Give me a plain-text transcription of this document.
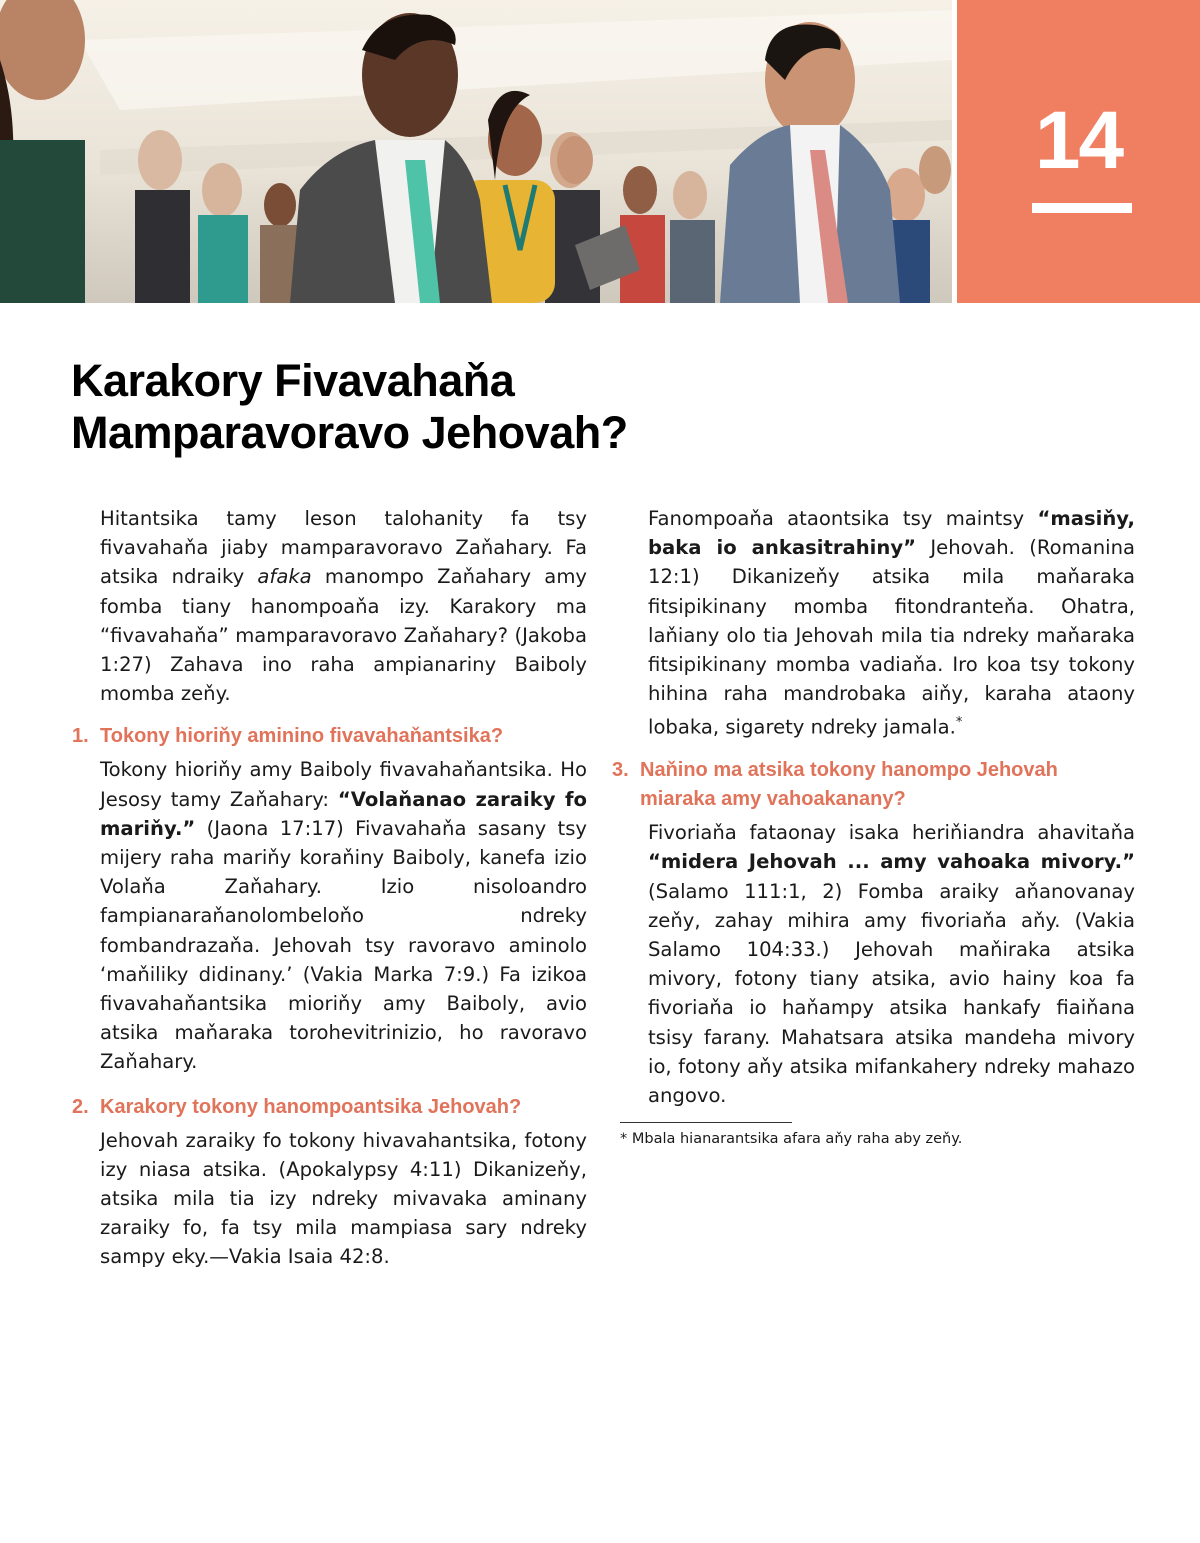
14
Karakory Fivavahaňa
Mamparavoravo Jehovah?

Hitantsika tamy leson talohanity fa tsy fivavahaňa jiaby mamparavoravo Zaňahary. Fa atsika ndraiky afaka manompo Zaňahary amy fomba tiany hanompoaňa izy. Karakory ma “fivavahaňa” mamparavoravo Zaňahary? (Jakoba 1:27) Zahava ino raha ampianariny Baiboly momba zeňy.

1. Tokony hioriňy aminino fivavahaňantsika?

Tokony hioriňy amy Baiboly fivavahaňantsika. Ho Jesosy tamy Zaňahary: “Volaňanao zaraiky fo mariňy.” (Jaona 17:17) Fivavahaňa sasany tsy mijery raha mariňy koraňiny Baiboly, kanefa izio Volaňa Zaňahary. Izio nisoloandro fampianaraňanolombeloňo ndreky fombandrazaňa. Jehovah tsy ravoravo aminolo ‘maňiliky didinany.’ (Vakia Marka 7:9.) Fa izikoa fivavahaňantsika mioriňy amy Baiboly, avio atsika maňaraka torohevitrinizio, ho ravoravo Zaňahary.

2. Karakory tokony hanompoantsika Jehovah?

Jehovah zaraiky fo tokony hivavahantsika, fotony izy niasa atsika. (Apokalypsy 4:11) Dikanizeňy, atsika mila tia izy ndreky mivavaka aminany zaraiky fo, fa tsy mila mampiasa sary ndreky sampy eky.—Vakia Isaia 42:8.

Fanompoaňa ataontsika tsy maintsy “masiňy, baka io ankasitrahiny” Jehovah. (Romanina 12:1) Dikanizeňy atsika mila maňaraka fitsipikinany momba fitondranteňa. Ohatra, laňiany olo tia Jehovah mila tia ndreky maňaraka fitsipikinany momba vadiaňa. Iro koa tsy tokony hihina raha mandrobaka aiňy, karaha ataony lobaka, sigarety ndreky jamala.*

3. Naňino ma atsika tokony hanompo Jehovah miaraka amy vahoakanany?

Fivoriaňa fataonay isaka heriňiandra ahavitaňa “midera Jehovah ... amy vahoaka mivory.” (Salamo 111:1, 2) Fomba araiky aňanovanay zeňy, zahay mihira amy fivoriaňa aňy. (Vakia Salamo 104:33.) Jehovah maňiraka atsika mivory, fotony tiany atsika, avio hainy koa fa fivoriaňa io haňampy atsika hankafy fiaiňana tsisy farany. Mahatsara atsika mandeha mivory io, fotony aňy atsika mifankahery ndreky mahazo angovo.

* Mbala hianarantsika afara aňy raha aby zeňy.
